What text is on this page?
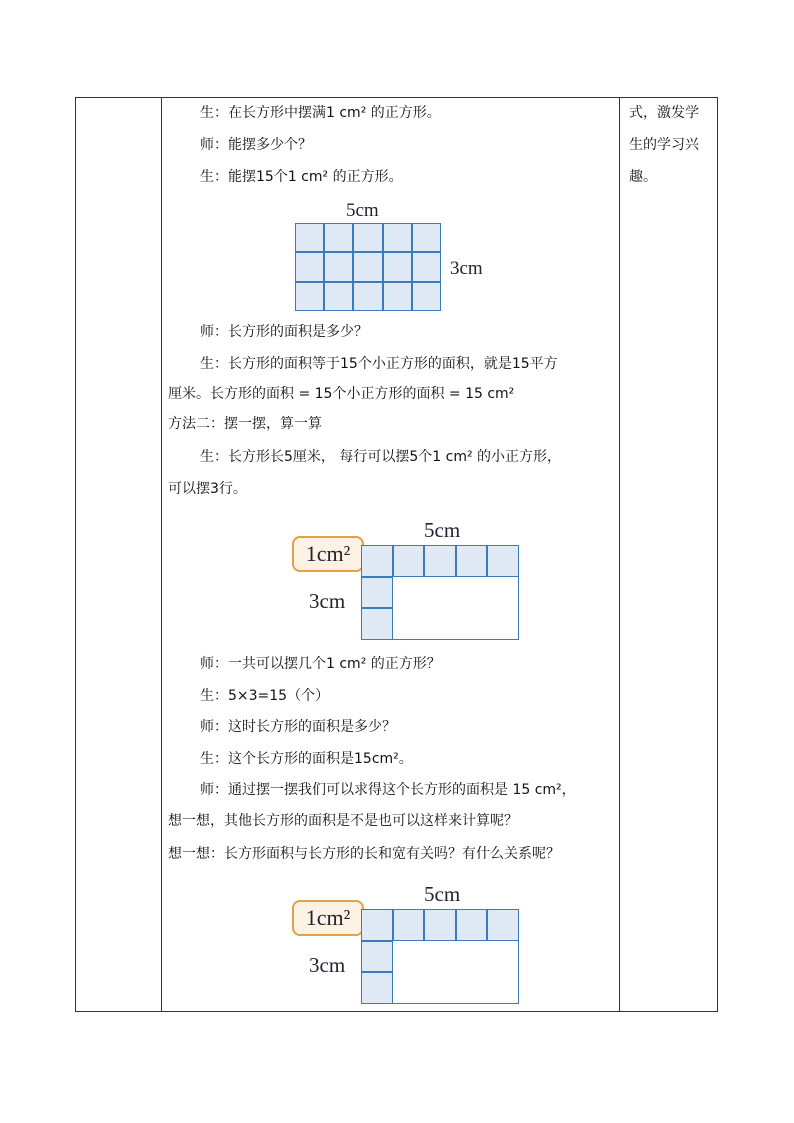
生：在长方形中摆满1 cm² 的正方形。
师：能摆多少个？
生：能摆15个1 cm² 的正方形。
5cm
3cm
师：长方形的面积是多少？
生：长方形的面积等于15个小正方形的面积，就是15平方
厘米。长方形的面积 = 15个小正方形的面积 = 15 cm²
方法二：摆一摆，算一算
生：长方形长5厘米， 每行可以摆5个1 cm² 的小正方形，
可以摆3行。
5cm
3cm
1cm²
师：一共可以摆几个1 cm² 的正方形？
生：5×3=15（个）
师：这时长方形的面积是多少？
生：这个长方形的面积是15cm²。
师：通过摆一摆我们可以求得这个长方形的面积是 15 cm²，
想一想，其他长方形的面积是不是也可以这样来计算呢？
想一想：长方形面积与长方形的长和宽有关吗？有什么关系呢？
5cm
3cm
1cm²
式，激发学
生的学习兴
趣。
